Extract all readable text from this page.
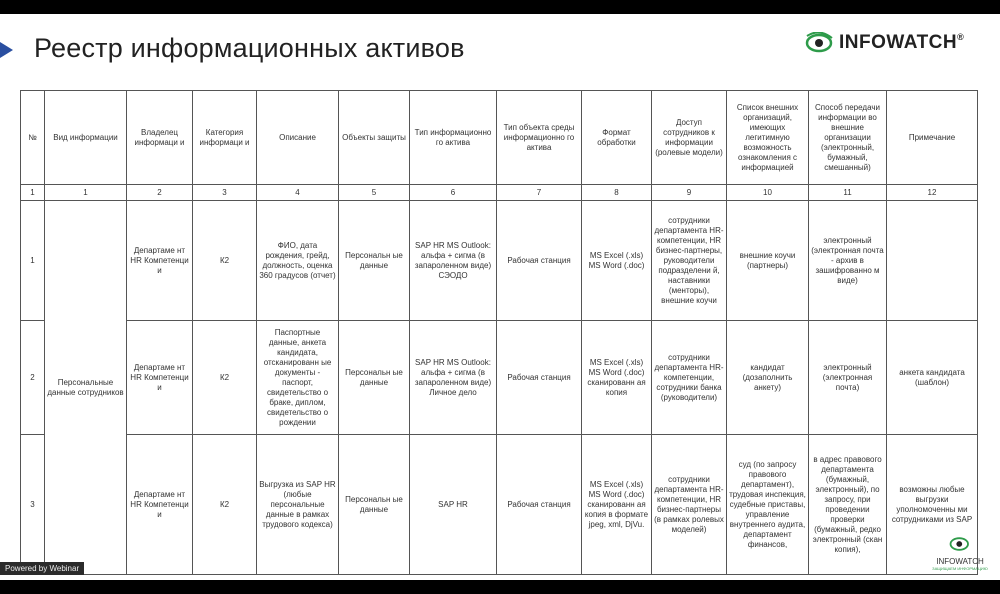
Реестр информационных активов	INFOWATCH®
№	Вид информации	Владелец информаци и	Категория информаци и	Описание	Объекты защиты	Тип информационно го актива	Тип объекта среды информационно го актива	Формат обработки	Доступ сотрудников к информации (ролевые модели)	Список внешних организаций, имеющих легитимную возможность ознакомления с информацией	Способ передачи информации во внешние организации (электронный, бумажный, смешанный)	Примечание
1	1	2	3	4	5	6	7	8	9	10	11	12
1	Персональные данные сотрудников	Департаме нт HR Компетенци и	К2	ФИО, дата рождения, грейд, должность, оценка 360 градусов (отчет)	Персональн ые данные	SAP HR MS Outlook: альфа + сигма (в запароленном виде) СЭОДО	Рабочая станция	MS Excel (.xls) MS Word (.doc)	сотрудники департамента HR-компетенции, HR бизнес-партнеры, руководители подразделени й, наставники (менторы), внешние коучи	внешние коучи (партнеры)	электронный (электронная почта - архив в зашифрованно м виде)	
2		Департаме нт HR Компетенци и	К2	Паспортные данные, анкета кандидата, отсканированн ые документы - паспорт, свидетельство о браке, диплом, свидетельство о рождении	Персональн ые данные	SAP HR MS Outlook: альфа + сигма (в запароленном виде) Личное дело	Рабочая станция	MS Excel (.xls) MS Word (.doc) сканированн ая копия	сотрудники департамента HR-компетенции, сотрудники банка (руководители)	кандидат (дозаполнить анкету)	электронный (электронная почта)	анкета кандидата (шаблон)
3		Департаме нт HR Компетенци и	К2	Выгрузка из SAP HR (любые персональные данные в рамках трудового кодекса)	Персональн ые данные	SAP HR	Рабочая станция	MS Excel (.xls) MS Word (.doc) сканированн ая копия в формате jpeg, xml, DjVu.	сотрудники департамента HR-компетенции, HR бизнес-партнеры (в рамках ролевых моделей)	суд (по запросу правового департамент), трудовая инспекция, судебные приставы, управление внутреннего аудита, департамент финансов,	в адрес правового департамента (бумажный, электронный), по запросу, при проведении проверки (бумажный, редко электронный (скан копия),	возможны любые выгрузки уполномоченны ми сотрудниками из SAP
Powered by Webinar
INFOWATCH
ЗАЩИЩАЕМ ИНФОРМАЦИЮ
